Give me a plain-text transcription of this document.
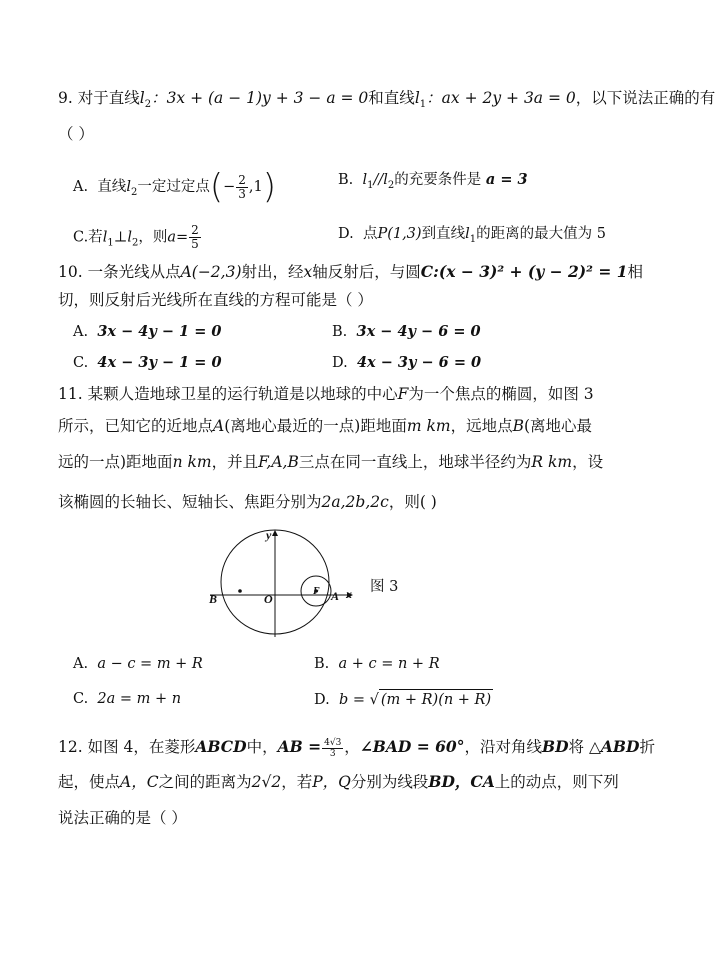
9. 对于直线$l_2$：3x + (a − 1)y + 3 − a = 0和直线$l_1$：ax + 2y + 3a = 0，以下说法正确的有
（ ）
A. 直线$l_2$一定过定点(− $\frac{2}{3} ,1$)	B. $l_1//l_2$的充要条件是 a = 3
C.若$l_1\perp l_2$，则$a= \frac{2}{5}$	D. 点P(1,3)到直线$l_1$的距离的最大值为 5
10. 一条光线从点A(−2,3)射出，经x轴反射后，与圆C:(x − 3)² + (y − 2)² = 1相
切，则反射后光线所在直线的方程可能是（ ）
A. 3x − 4y − 1 = 0	B. 3x − 4y − 6 = 0
C. 4x − 3y − 1 = 0	D. 4x − 3y − 6 = 0
11. 某颗人造地球卫星的运行轨道是以地球的中心F为一个焦点的椭圆，如图 3
所示，已知它的近地点A(离地心最近的一点)距地面m km，远地点B(离地心最
远的一点)距地面n km，并且F,A,B三点在同一直线上，地球半径约为R km，设
该椭圆的长轴长、短轴长、焦距分别为2a,2b,2c，则( )
y
x
B	O
F A
图 3
A. a − c = m + R	B. a + c = n + R
C. 2a = m + n	D. b = √ (m + R)(n + R)
12. 如图 4，在菱形ABCD中，AB = $\frac{4√3}{3}$ ，∠BAD = 60°，沿对角线BD将 △ABD折
起，使点A，C之间的距离为2√2，若P，Q分别为线段BD，CA上的动点，则下列
说法正确的是（ ）
